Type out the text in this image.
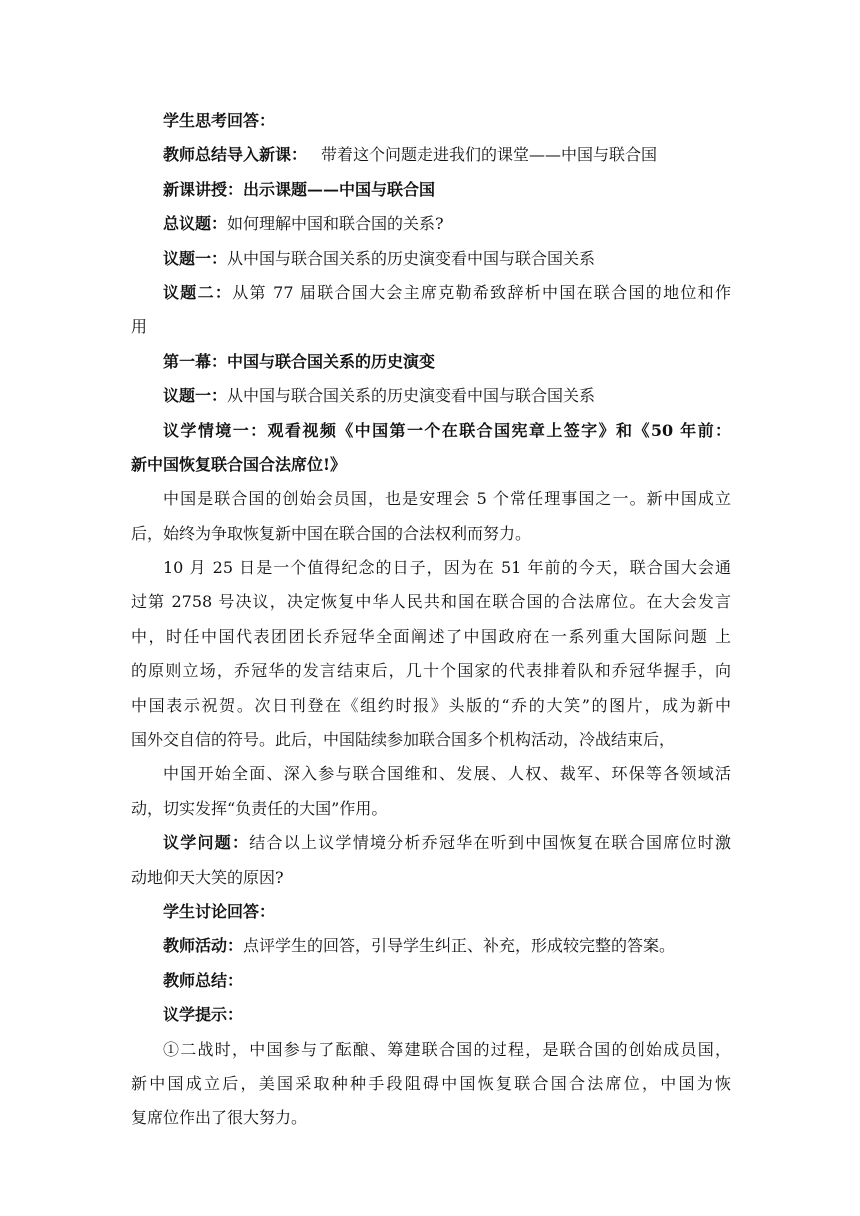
学生思考回答：
教师总结导入新课： 带着这个问题走进我们的课堂——中国与联合国
新课讲授：出示课题——中国与联合国
总议题：如何理解中国和联合国的关系?
议题一：从中国与联合国关系的历史演变看中国与联合国关系
议题二：从第 77 届联合国大会主席克勒希致辞析中国在联合国的地位和作
用
第一幕：中国与联合国关系的历史演变
议题一：从中国与联合国关系的历史演变看中国与联合国关系
议学情境一：观看视频《中国第一个在联合国宪章上签字》和《50 年前：
新中国恢复联合国合法席位!》
中国是联合国的创始会员国，也是安理会 5 个常任理事国之一。新中国成立
后，始终为争取恢复新中国在联合国的合法权利而努力。
10 月 25 日是一个值得纪念的日子，因为在 51 年前的今天，联合国大会通
过第 2758 号决议，决定恢复中华人民共和国在联合国的合法席位。在大会发言
中，时任中国代表团团长乔冠华全面阐述了中国政府在一系列重大国际问题 上
的原则立场，乔冠华的发言结束后，几十个国家的代表排着队和乔冠华握手，向
中国表示祝贺。次日刊登在《组约时报》头版的“乔的大笑”的图片，成为新中
国外交自信的符号。此后，中国陆续参加联合国多个机构活动，冷战结束后，
中国开始全面、深入参与联合国维和、发展、人权、裁军、环保等各领域活
动，切实发挥“负责任的大国”作用。
议学问题：结合以上议学情境分析乔冠华在听到中国恢复在联合国席位时激
动地仰天大笑的原因?
学生讨论回答：
教师活动：点评学生的回答，引导学生纠正、补充，形成较完整的答案。
教师总结：
议学提示：
①二战时，中国参与了酝酿、筹建联合国的过程，是联合国的创始成员国，
新中国成立后，美国采取种种手段阻碍中国恢复联合国合法席位，中国为恢
复席位作出了很大努力。
